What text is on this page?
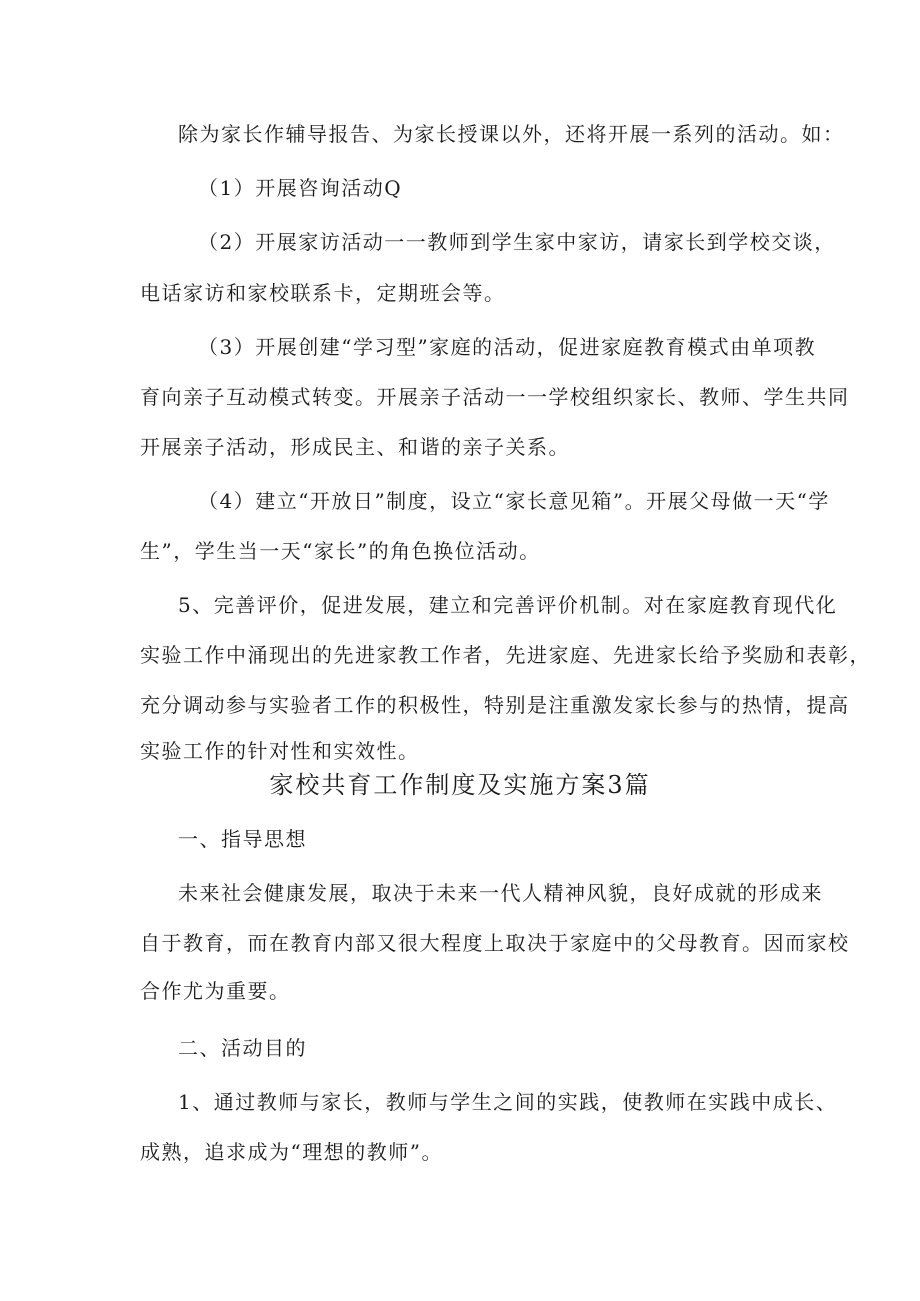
除为家长作辅导报告、为家长授课以外，还将开展一系列的活动。如：
（1）开展咨询活动Q
（2）开展家访活动一一教师到学生家中家访，请家长到学校交谈，
电话家访和家校联系卡，定期班会等。
（3）开展创建“学习型”家庭的活动，促进家庭教育模式由单项教
育向亲子互动模式转变。开展亲子活动一一学校组织家长、教师、学生共同
开展亲子活动，形成民主、和谐的亲子关系。
（4）建立“开放日”制度，设立“家长意见箱”。开展父母做一天“学
生”，学生当一天“家长”的角色换位活动。
5、完善评价，促进发展，建立和完善评价机制。对在家庭教育现代化
实验工作中涌现出的先进家教工作者，先进家庭、先进家长给予奖励和表彰，
充分调动参与实验者工作的积极性，特别是注重激发家长参与的热情，提高
实验工作的针对性和实效性。
家校共育工作制度及实施方案3篇
一、指导思想
未来社会健康发展，取决于未来一代人精神风貌，良好成就的形成来
自于教育，而在教育内部又很大程度上取决于家庭中的父母教育。因而家校
合作尤为重要。
二、活动目的
1、通过教师与家长，教师与学生之间的实践，使教师在实践中成长、
成熟，追求成为“理想的教师”。
